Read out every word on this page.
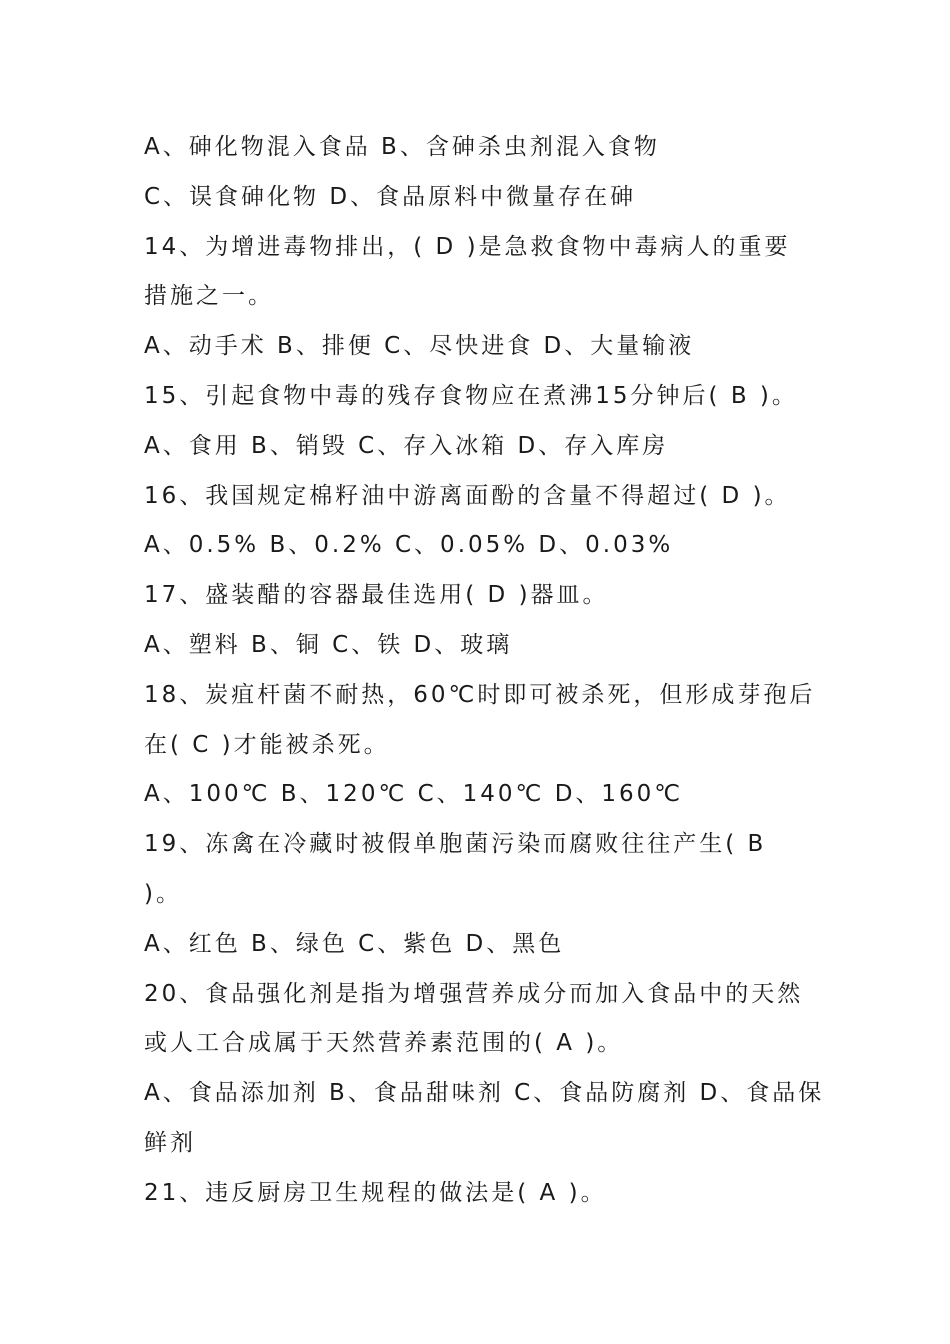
A、砷化物混入食品 B、含砷杀虫剂混入食物
C、误食砷化物 D、食品原料中微量存在砷
14、为增进毒物排出，( D )是急救食物中毒病人的重要
措施之一。
A、动手术 B、排便 C、尽快进食 D、大量输液
15、引起食物中毒的残存食物应在煮沸15分钟后( B )。
A、食用 B、销毁 C、存入冰箱 D、存入库房
16、我国规定棉籽油中游离面酚的含量不得超过( D )。
A、0.5% B、0.2% C、0.05% D、0.03%
17、盛装醋的容器最佳选用( D )器皿。
A、塑料 B、铜 C、铁 D、玻璃
18、炭疽杆菌不耐热，60℃时即可被杀死，但形成芽孢后
在( C )才能被杀死。
A、100℃ B、120℃ C、140℃ D、160℃
19、冻禽在冷藏时被假单胞菌污染而腐败往往产生( B
)。
A、红色 B、绿色 C、紫色 D、黑色
20、食品强化剂是指为增强营养成分而加入食品中的天然
或人工合成属于天然营养素范围的( A )。
A、食品添加剂 B、食品甜味剂 C、食品防腐剂 D、食品保
鲜剂
21、违反厨房卫生规程的做法是( A )。
